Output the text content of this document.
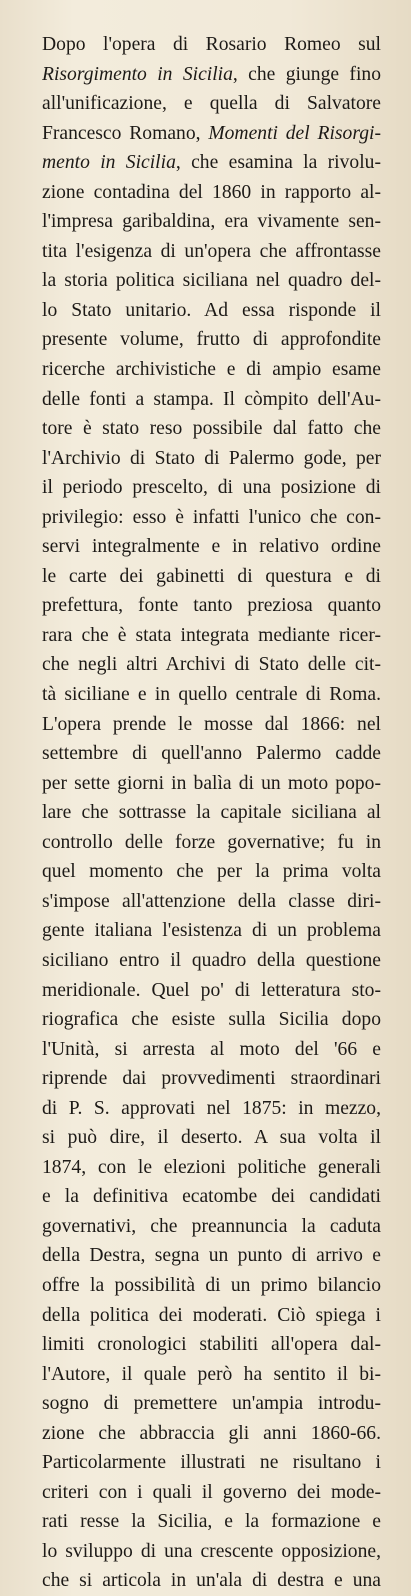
Dopo l'opera di Rosario Romeo sul
Risorgimento in Sicilia, che giunge fino
all'unificazione, e quella di Salvatore
Francesco Romano, Momenti del Risorgi-
mento in Sicilia, che esamina la rivolu-
zione contadina del 1860 in rapporto al-
l'impresa garibaldina, era vivamente sen-
tita l'esigenza di un'opera che affrontasse
la storia politica siciliana nel quadro del-
lo Stato unitario. Ad essa risponde il
presente volume, frutto di approfondite
ricerche archivistiche e di ampio esame
delle fonti a stampa. Il còmpito dell'Au-
tore è stato reso possibile dal fatto che
l'Archivio di Stato di Palermo gode, per
il periodo prescelto, di una posizione di
privilegio: esso è infatti l'unico che con-
servi integralmente e in relativo ordine
le carte dei gabinetti di questura e di
prefettura, fonte tanto preziosa quanto
rara che è stata integrata mediante ricer-
che negli altri Archivi di Stato delle cit-
tà siciliane e in quello centrale di Roma.
L'opera prende le mosse dal 1866: nel
settembre di quell'anno Palermo cadde
per sette giorni in balìa di un moto popo-
lare che sottrasse la capitale siciliana al
controllo delle forze governative; fu in
quel momento che per la prima volta
s'impose all'attenzione della classe diri-
gente italiana l'esistenza di un problema
siciliano entro il quadro della questione
meridionale. Quel po' di letteratura sto-
riografica che esiste sulla Sicilia dopo
l'Unità, si arresta al moto del '66 e
riprende dai provvedimenti straordinari
di P. S. approvati nel 1875: in mezzo,
si può dire, il deserto. A sua volta il
1874, con le elezioni politiche generali
e la definitiva ecatombe dei candidati
governativi, che preannuncia la caduta
della Destra, segna un punto di arrivo e
offre la possibilità di un primo bilancio
della politica dei moderati. Ciò spiega i
limiti cronologici stabiliti all'opera dal-
l'Autore, il quale però ha sentito il bi-
sogno di premettere un'ampia introdu-
zione che abbraccia gli anni 1860-66.
Particolarmente illustrati ne risultano i
criteri con i quali il governo dei mode-
rati resse la Sicilia, e la formazione e
lo sviluppo di una crescente opposizione,
che si articola in un'ala di destra e una
